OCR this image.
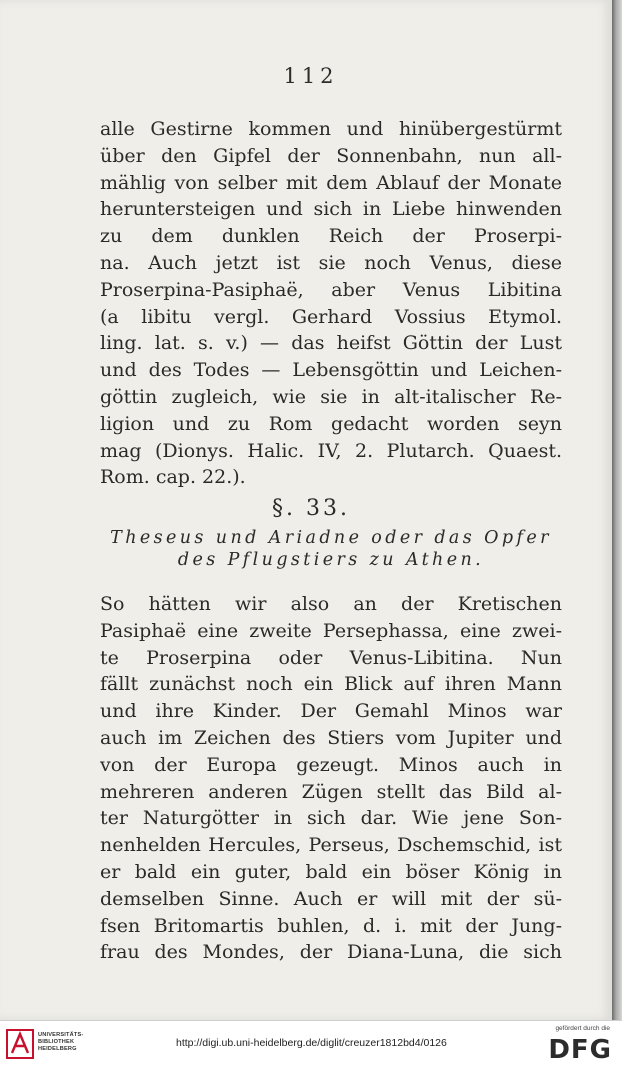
112
alle Gestirne kommen und hinübergestürmt
über den Gipfel der Sonnenbahn, nun all-
mählig von selber mit dem Ablauf der Monate
heruntersteigen und sich in Liebe hinwenden
zu dem dunklen Reich der Proserpi-
na. Auch jetzt ist sie noch Venus, diese
Proserpina-Pasiphaë, aber Venus Libitina
(a libitu vergl. Gerhard Vossius Etymol.
ling. lat. s. v.) — das heifst Göttin der Lust
und des Todes — Lebensgöttin und Leichen-
göttin zugleich, wie sie in alt-italischer Re-
ligion und zu Rom gedacht worden seyn
mag (Dionys. Halic. IV, 2. Plutarch. Quaest.
Rom. cap. 22.).
§. 33.
Theseus und Ariadne oder das Opfer
des Pflugstiers zu Athen.
So hätten wir also an der Kretischen
Pasiphaë eine zweite Persephassa, eine zwei-
te Proserpina oder Venus-Libitina. Nun
fällt zunächst noch ein Blick auf ihren Mann
und ihre Kinder. Der Gemahl Minos war
auch im Zeichen des Stiers vom Jupiter und
von der Europa gezeugt. Minos auch in
mehreren anderen Zügen stellt das Bild al-
ter Naturgötter in sich dar. Wie jene Son-
nenhelden Hercules, Perseus, Dschemschid, ist
er bald ein guter, bald ein böser König in
demselben Sinne. Auch er will mit der sü-
fsen Britomartis buhlen, d. i. mit der Jung-
frau des Mondes, der Diana-Luna, die sich
UNIVERSITÄTS-
BIBLIOTHEK
HEIDELBERG	http://digi.ub.uni-heidelberg.de/diglit/creuzer1812bd4/0126
gefördert durch die
DFG
